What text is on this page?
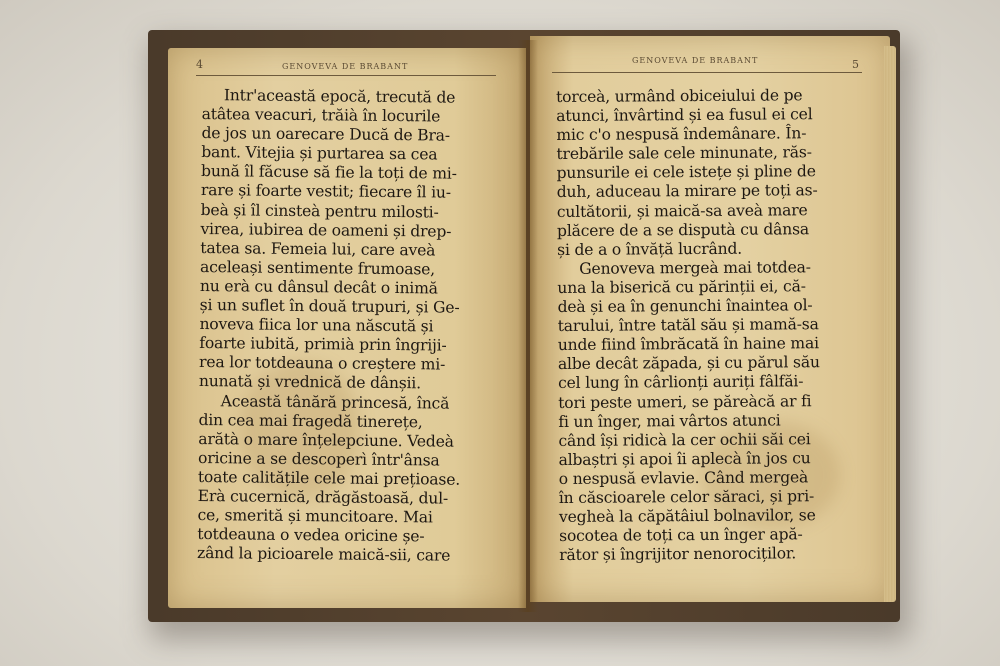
4	GENOVEVA DE BRABANT
GENOVEVA DE BRABANT	5
Intr'această epocă, trecută de
atâtea veacuri, trăià în locurile
de jos un oarecare Ducă de Bra-
bant. Vitejia și purtarea sa cea
bună îl făcuse să fie la toți de mi-
rare și foarte vestit; fiecare îl iu-
beà și îl cinsteà pentru milosti-
virea, iubirea de oameni și drep-
tatea sa. Femeia lui, care aveà
aceleași sentimente frumoase,
nu erà cu dânsul decât o inimă
și un suflet în două trupuri, și Ge-
noveva fiica lor una născută și
foarte iubită, primià prin îngriji-
rea lor totdeauna o creștere mi-
nunată și vrednică de dânșii.
Această tânără princesă, încă
din cea mai fragedă tinerețe,
arătà o mare înțelepciune. Vedeà
oricine a se descoperì într'ânsa
toate calitățile cele mai prețioase.
Erà cucernică, drăgăstoasă, dul-
ce, smerită și muncitoare. Mai
totdeauna o vedea oricine șe-
zând la picioarele maică-sii, care
torceà, urmând obiceiului de pe
atunci, învârtind și ea fusul ei cel
mic c'o nespusă îndemânare. În-
trebările sale cele minunate, răs-
punsurile ei cele istețe și pline de
duh, aduceau la mirare pe toți as-
cultătorii, și maică-sa aveà mare
plăcere de a se disputà cu dânsa
și de a o învăță lucrând.
Genoveva mergeà mai totdea-
una la biserică cu părinții ei, că-
deà și ea în genunchi înaintea ol-
tarului, între tatăl său și mamă-sa
unde fiind îmbrăcată în haine mai
albe decât zăpada, și cu părul său
cel lung în cârlionți auriți fâlfăi-
tori peste umeri, se păreàcă ar fi
fi un înger, mai vârtos atunci
când își ridicà la cer ochii săi cei
albaștri și apoi îi aplecà în jos cu
o nespusă evlavie. Când mergeà
în căscioarele celor săraci, și pri-
vegheà la căpătâiul bolnavilor, se
socotea de toți ca un înger apă-
rător și îngrijitor nenorociților.
